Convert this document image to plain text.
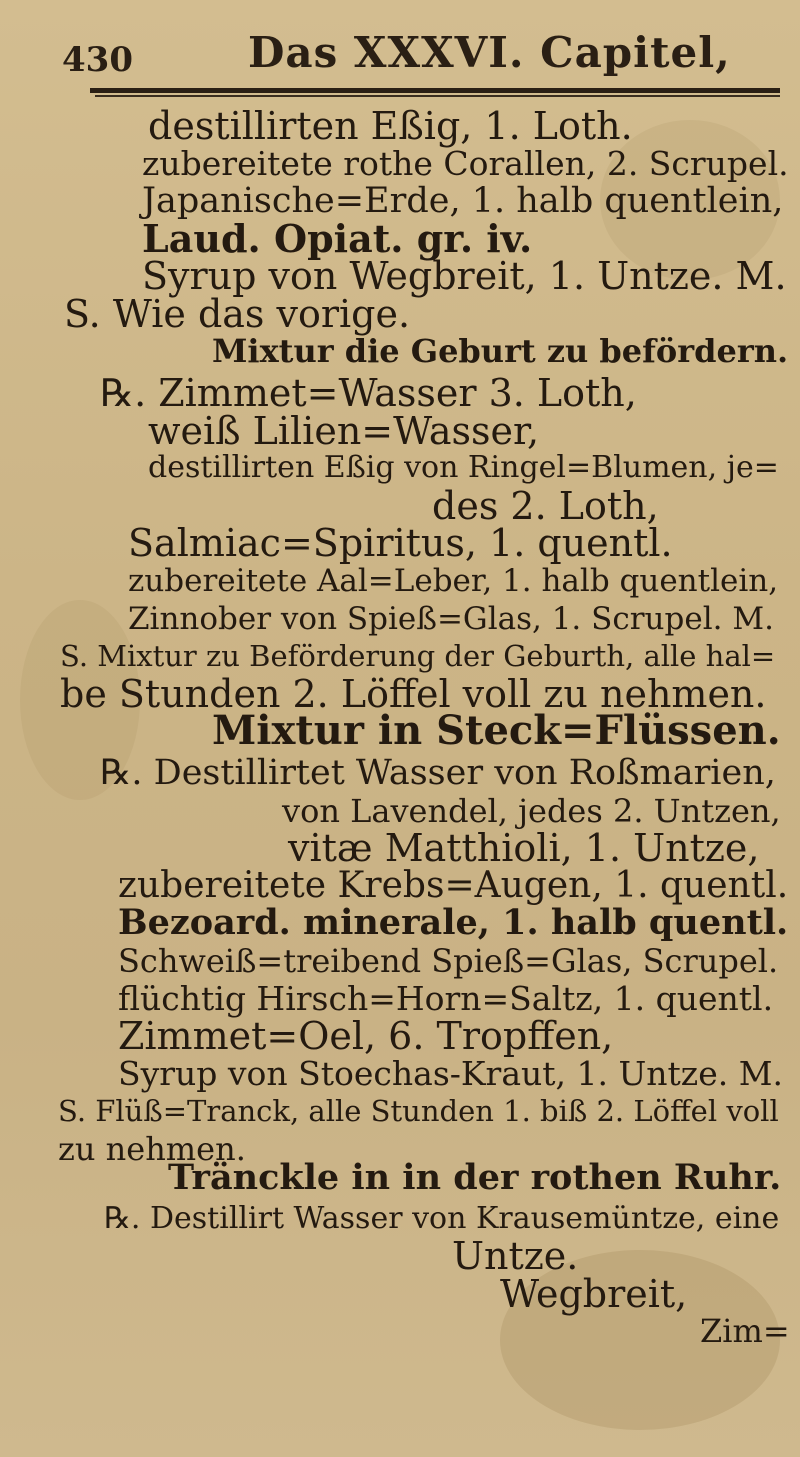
430	Das XXXVI. Capitel,
destillirten Eßig, 1. Loth.
zubereitete rothe Corallen, 2. Scrupel.
Japanische=Erde, 1. halb quentlein,
Laud. Opiat. gr. iv.
Syrup von Wegbreit, 1. Untze. M.
S. Wie das vorige.
Mixtur die Geburt zu befördern.
℞. Zimmet=Wasser 3. Loth,
weiß Lilien=Wasser,
destillirten Eßig von Ringel=Blumen, je=
des 2. Loth,
Salmiac=Spiritus, 1. quentl.
zubereitete Aal=Leber, 1. halb quentlein,
Zinnober von Spieß=Glas, 1. Scrupel. M.
S. Mixtur zu Beförderung der Geburth, alle hal=
be Stunden 2. Löffel voll zu nehmen.
Mixtur in Steck=Flüssen.
℞. Destillirtet Wasser von Roßmarien,
von Lavendel, jedes 2. Untzen,
vitæ Matthioli, 1. Untze,
zubereitete Krebs=Augen, 1. quentl.
Bezoard. minerale, 1. halb quentl.
Schweiß=treibend Spieß=Glas, Scrupel.
flüchtig Hirsch=Horn=Saltz, 1. quentl.
Zimmet=Oel, 6. Tropffen,
Syrup von Stoechas-Kraut, 1. Untze. M.
S. Flüß=Tranck, alle Stunden 1. biß 2. Löffel voll
zu nehmen.
Tränckle in in der rothen Ruhr.
℞. Destillirt Wasser von Krausemüntze, eine
Untze.
Wegbreit,
Zim=
